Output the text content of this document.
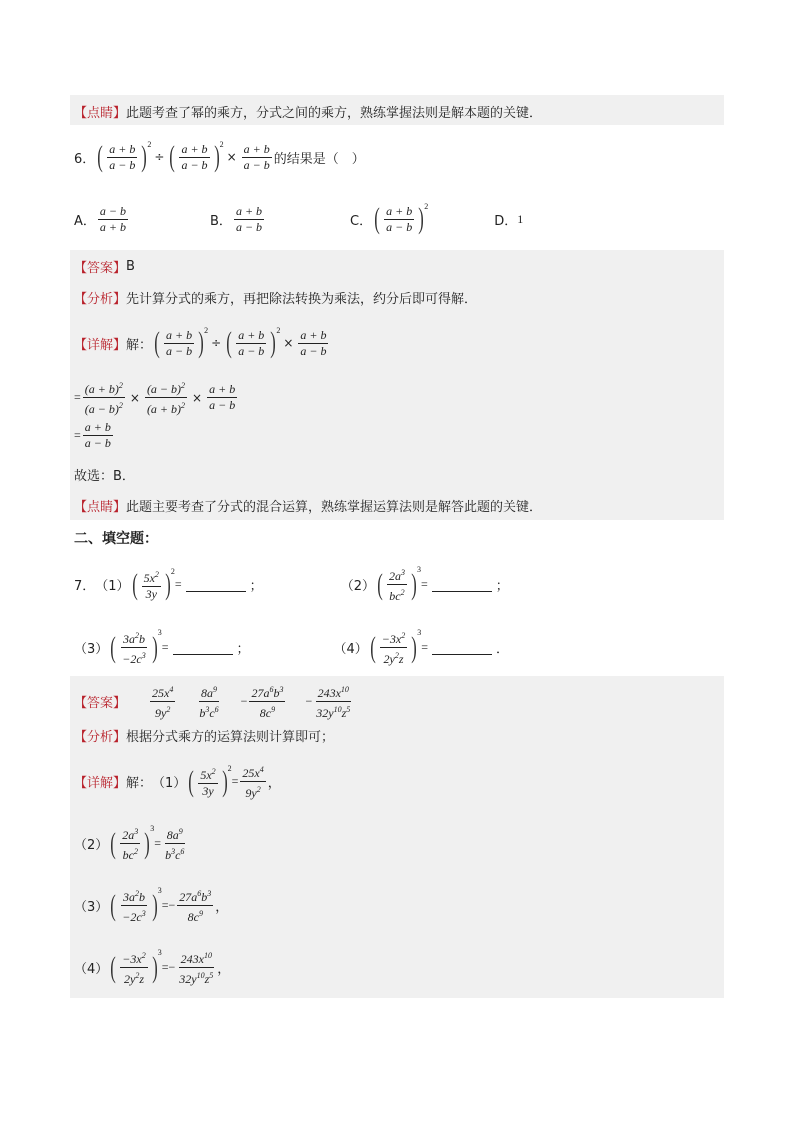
【点睛】 此题考查了幂的乘方，分式之间的乘方，熟练掌握法则是解本题的关键．
6． ( $\frac{a + b}{a - b}$ ) 2
÷ ( $\frac{a + b}{a - b}$ ) 2
× $\frac{a + b}{a - b}$ 的结果是（　）
A． $\frac{a - b}{a + b}$	B． $\frac{a + b}{a - b}$	C． ( $\frac{a + b}{a - b}$ ) 2
D． 1
【答案】 B
【分析】 先计算分式的乘方，再把除法转换为乘法，约分后即可得解．
【详解】 解： ( $\frac{a + b}{a - b}$ ) 2
÷ ( $\frac{a + b}{a - b}$ ) 2
× $\frac{a + b}{a - b}$
= $\frac{(a + b)^2}{(a - b)^2} \times \frac{(a - b)^2}{(a + b)^2} \times \frac{a + b}{a - b}$
= $\frac{a + b}{a - b}$
故选：B．
【点睛】 此题主要考查了分式的混合运算，熟练掌握运算法则是解答此题的关键．
二、填空题：
7． （1） ( $\frac{5x^2}{3y}$ ) 2
=	；	（2） ( $\frac{2a^3}{bc^2}$ ) 3
=	；
（3） ( $\frac{3a^2b}{-2c^3}$ ) 3
=	；	（4） ( $\frac{-3x^2}{2y^2z}$ ) 3
=	．
【答案】 $\frac{25x^4}{9y^2} \frac{8a^9}{b^3c^6} - \frac{27a^6b^3}{8c^9} - \frac{243x^{10}}{32y^{10}z^5}$
【分析】 根据分式乘方的运算法则计算即可；
【详解】 解： （1） ( $\frac{5x^2}{3y}$ ) 2
= $\frac{25x^4}{9y^2}$ ，
（2） ( $\frac{2a^3}{bc^2}$ ) 3
= $\frac{8a^9}{b^3c^6}$
（3） ( $\frac{3a^2b}{-2c^3}$ ) 3
= − $\frac{27a^6b^3}{8c^9}$ ，
（4） ( $\frac{-3x^2}{2y^2z}$ ) 3
= − $\frac{243x^{10}}{32y^{10}z^5}$ ，
